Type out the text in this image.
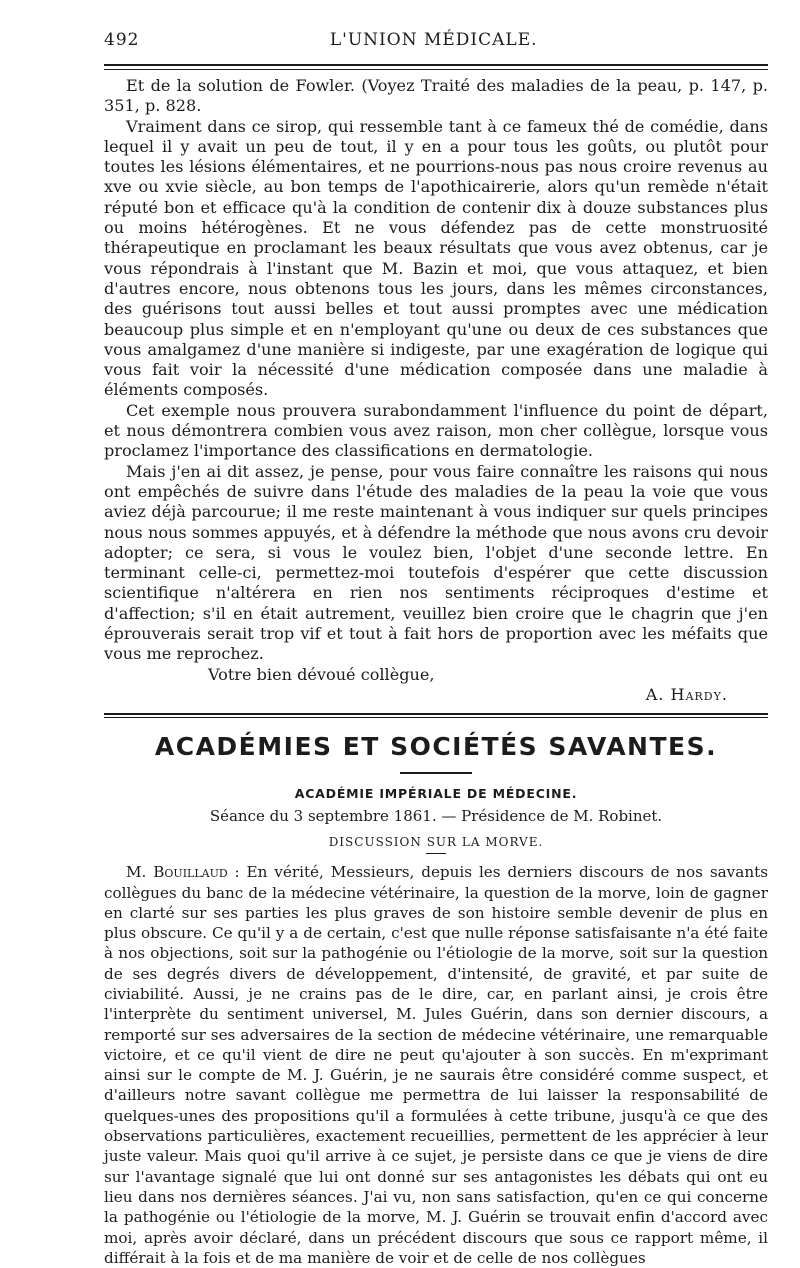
492	L'UNION MÉDICALE.

Et de la solution de Fowler. (Voyez Traité des maladies de la peau, p. 147, p. 351, p. 828.

Vraiment dans ce sirop, qui ressemble tant à ce fameux thé de comédie, dans lequel il y avait un peu de tout, il y en a pour tous les goûts, ou plutôt pour toutes les lésions élémentaires, et ne pourrions-nous pas nous croire revenus au xve ou xvie siècle, au bon temps de l'apothicairerie, alors qu'un remède n'était réputé bon et efficace qu'à la condition de contenir dix à douze substances plus ou moins hétérogènes. Et ne vous défendez pas de cette monstruosité thérapeutique en proclamant les beaux résultats que vous avez obtenus, car je vous répondrais à l'instant que M. Bazin et moi, que vous attaquez, et bien d'autres encore, nous obtenons tous les jours, dans les mêmes circonstances, des guérisons tout aussi belles et tout aussi promptes avec une médication beaucoup plus simple et en n'employant qu'une ou deux de ces substances que vous amalgamez d'une manière si indigeste, par une exagération de logique qui vous fait voir la nécessité d'une médication composée dans une maladie à éléments composés.

Cet exemple nous prouvera surabondamment l'influence du point de départ, et nous démontrera combien vous avez raison, mon cher collègue, lorsque vous proclamez l'importance des classifications en dermatologie.

Mais j'en ai dit assez, je pense, pour vous faire connaître les raisons qui nous ont empêchés de suivre dans l'étude des maladies de la peau la voie que vous aviez déjà parcourue; il me reste maintenant à vous indiquer sur quels principes nous nous sommes appuyés, et à défendre la méthode que nous avons cru devoir adopter; ce sera, si vous le voulez bien, l'objet d'une seconde lettre. En terminant celle-ci, permettez-moi toutefois d'espérer que cette discussion scientifique n'altérera en rien nos sentiments réciproques d'estime et d'affection; s'il en était autrement, veuillez bien croire que le chagrin que j'en éprouverais serait trop vif et tout à fait hors de proportion avec les méfaits que vous me reprochez.

Votre bien dévoué collègue,

A. Hardy.

ACADÉMIES ET SOCIÉTÉS SAVANTES.
ACADÉMIE IMPÉRIALE DE MÉDECINE.
Séance du 3 septembre 1861. — Présidence de M. Robinet.
DISCUSSION SUR LA MORVE.

M. Bouillaud : En vérité, Messieurs, depuis les derniers discours de nos savants collègues du banc de la médecine vétérinaire, la question de la morve, loin de gagner en clarté sur ses parties les plus graves de son histoire semble devenir de plus en plus obscure. Ce qu'il y a de certain, c'est que nulle réponse satisfaisante n'a été faite à nos objections, soit sur la pathogénie ou l'étiologie de la morve, soit sur la question de ses degrés divers de développement, d'intensité, de gravité, et par suite de civiabilité. Aussi, je ne crains pas de le dire, car, en parlant ainsi, je crois être l'interprète du sentiment universel, M. Jules Guérin, dans son dernier discours, a remporté sur ses adversaires de la section de médecine vétérinaire, une remarquable victoire, et ce qu'il vient de dire ne peut qu'ajouter à son succès. En m'exprimant ainsi sur le compte de M. J. Guérin, je ne saurais être considéré comme suspect, et d'ailleurs notre savant collègue me permettra de lui laisser la responsabilité de quelques-unes des propositions qu'il a formulées à cette tribune, jusqu'à ce que des observations particulières, exactement recueillies, permettent de les apprécier à leur juste valeur. Mais quoi qu'il arrive à ce sujet, je persiste dans ce que je viens de dire sur l'avantage signalé que lui ont donné sur ses antagonistes les débats qui ont eu lieu dans nos dernières séances. J'ai vu, non sans satisfaction, qu'en ce qui concerne la pathogénie ou l'étiologie de la morve, M. J. Guérin se trouvait enfin d'accord avec moi, après avoir déclaré, dans un précédent discours que sous ce rapport même, il différait à la fois et de ma manière de voir et de celle de nos collègues
